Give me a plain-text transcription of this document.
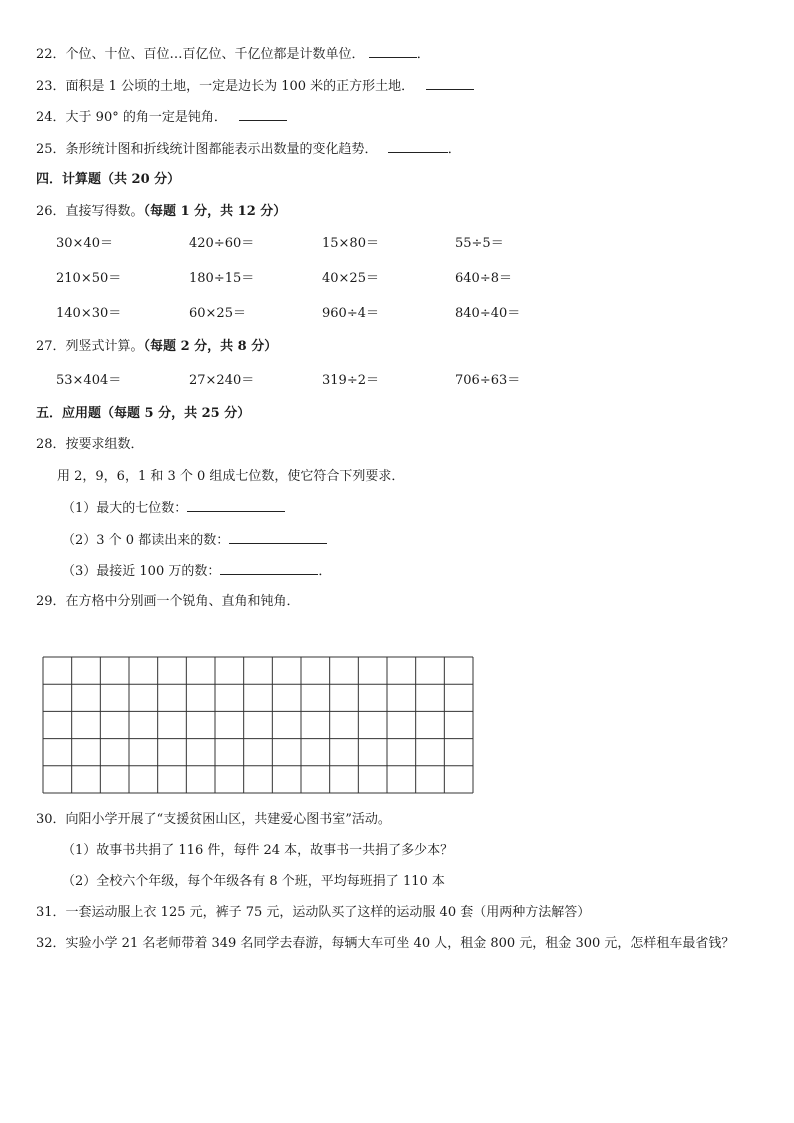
22．个位、十位、百位…百亿位、千亿位都是计数单位．	．
23．面积是 1 公顷的土地，一定是边长为 100 米的正方形土地．
24．大于 90° 的角一定是钝角．
25．条形统计图和折线统计图都能表示出数量的变化趋势．	．
四．计算题（共 20 分）
26．直接写得数。（每题 1 分，共 12 分）
30×40＝	420÷60＝	15×80＝	55÷5＝
210×50＝	180÷15＝	40×25＝	640÷8＝
140×30＝	60×25＝	960÷4＝	840÷40＝
27．列竖式计算。（每题 2 分，共 8 分）
53×404＝	27×240＝	319÷2＝	706÷63＝
五．应用题（每题 5 分，共 25 分）
28．按要求组数．
用 2，9，6，1 和 3 个 0 组成七位数，使它符合下列要求．
（1）最大的七位数：
（2）3 个 0 都读出来的数：
（3）最接近 100 万的数：	．
29．在方格中分别画一个锐角、直角和钝角．
30．向阳小学开展了“支援贫困山区，共建爱心图书室”活动。
（1）故事书共捐了 116 件，每件 24 本，故事书一共捐了多少本？
（2）全校六个年级，每个年级各有 8 个班，平均每班捐了 110 本
31．一套运动服上衣 125 元，裤子 75 元，运动队买了这样的运动服 40 套（用两种方法解答）
32．实验小学 21 名老师带着 349 名同学去春游，每辆大车可坐 40 人，租金 800 元，租金 300 元，怎样租车最省钱？
